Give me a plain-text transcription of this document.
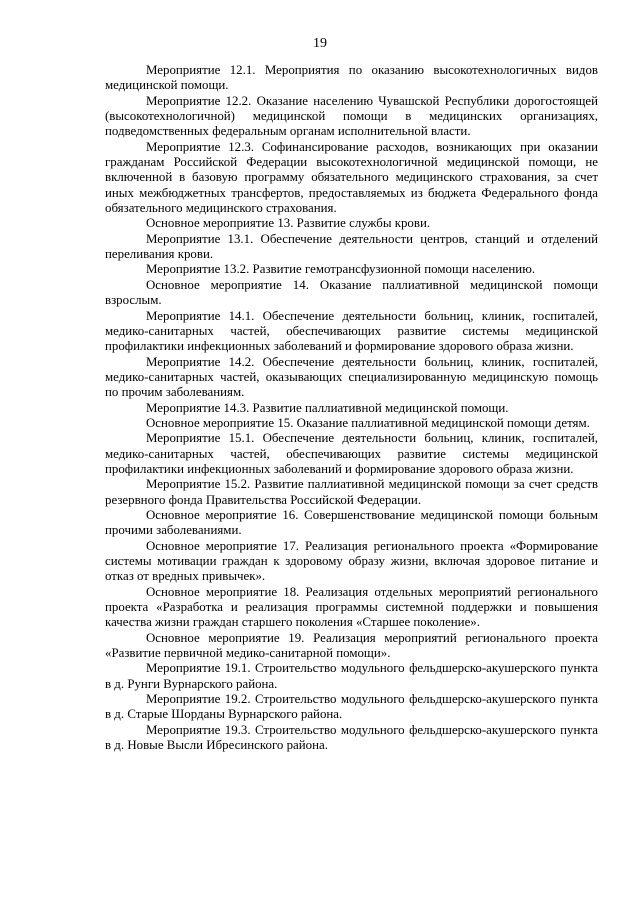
19

Мероприятие 12.1. Мероприятия по оказанию высокотехнологичных видов медицинской помощи.

Мероприятие 12.2. Оказание населению Чувашской Республики дорогостоящей (высокотехнологичной) медицинской помощи в медицинских организациях, подведомственных федеральным органам исполнительной власти.

Мероприятие 12.3. Софинансирование расходов, возникающих при оказании гражданам Российской Федерации высокотехнологичной медицинской помощи, не включенной в базовую программу обязательного медицинского страхования, за счет иных межбюджетных трансфертов, предоставляемых из бюджета Федерального фонда обязательного медицинского страхования.

Основное мероприятие 13. Развитие службы крови.

Мероприятие 13.1. Обеспечение деятельности центров, станций и отделений переливания крови.

Мероприятие 13.2. Развитие гемотрансфузионной помощи населению.

Основное мероприятие 14. Оказание паллиативной медицинской помощи взрослым.

Мероприятие 14.1. Обеспечение деятельности больниц, клиник, госпиталей, медико-санитарных частей, обеспечивающих развитие системы медицинской профилактики инфекционных заболеваний и формирование здорового образа жизни.

Мероприятие 14.2. Обеспечение деятельности больниц, клиник, госпиталей, медико-санитарных частей, оказывающих специализированную медицинскую помощь по прочим заболеваниям.

Мероприятие 14.3. Развитие паллиативной медицинской помощи.

Основное мероприятие 15. Оказание паллиативной медицинской помощи детям.

Мероприятие 15.1. Обеспечение деятельности больниц, клиник, госпиталей, медико-санитарных частей, обеспечивающих развитие системы медицинской профилактики инфекционных заболеваний и формирование здорового образа жизни.

Мероприятие 15.2. Развитие паллиативной медицинской помощи за счет средств резервного фонда Правительства Российской Федерации.

Основное мероприятие 16. Совершенствование медицинской помощи больным прочими заболеваниями.

Основное мероприятие 17. Реализация регионального проекта «Формирование системы мотивации граждан к здоровому образу жизни, включая здоровое питание и отказ от вредных привычек».

Основное мероприятие 18. Реализация отдельных мероприятий регионального проекта «Разработка и реализация программы системной поддержки и повышения качества жизни граждан старшего поколения «Старшее поколение».

Основное мероприятие 19. Реализация мероприятий регионального проекта «Развитие первичной медико-санитарной помощи».

Мероприятие 19.1. Строительство модульного фельдшерско-акушерского пункта в д. Рунги Вурнарского района.

Мероприятие 19.2. Строительство модульного фельдшерско-акушерского пункта в д. Старые Шорданы Вурнарского района.

Мероприятие 19.3. Строительство модульного фельдшерско-акушерского пункта в д. Новые Высли Ибресинского района.
